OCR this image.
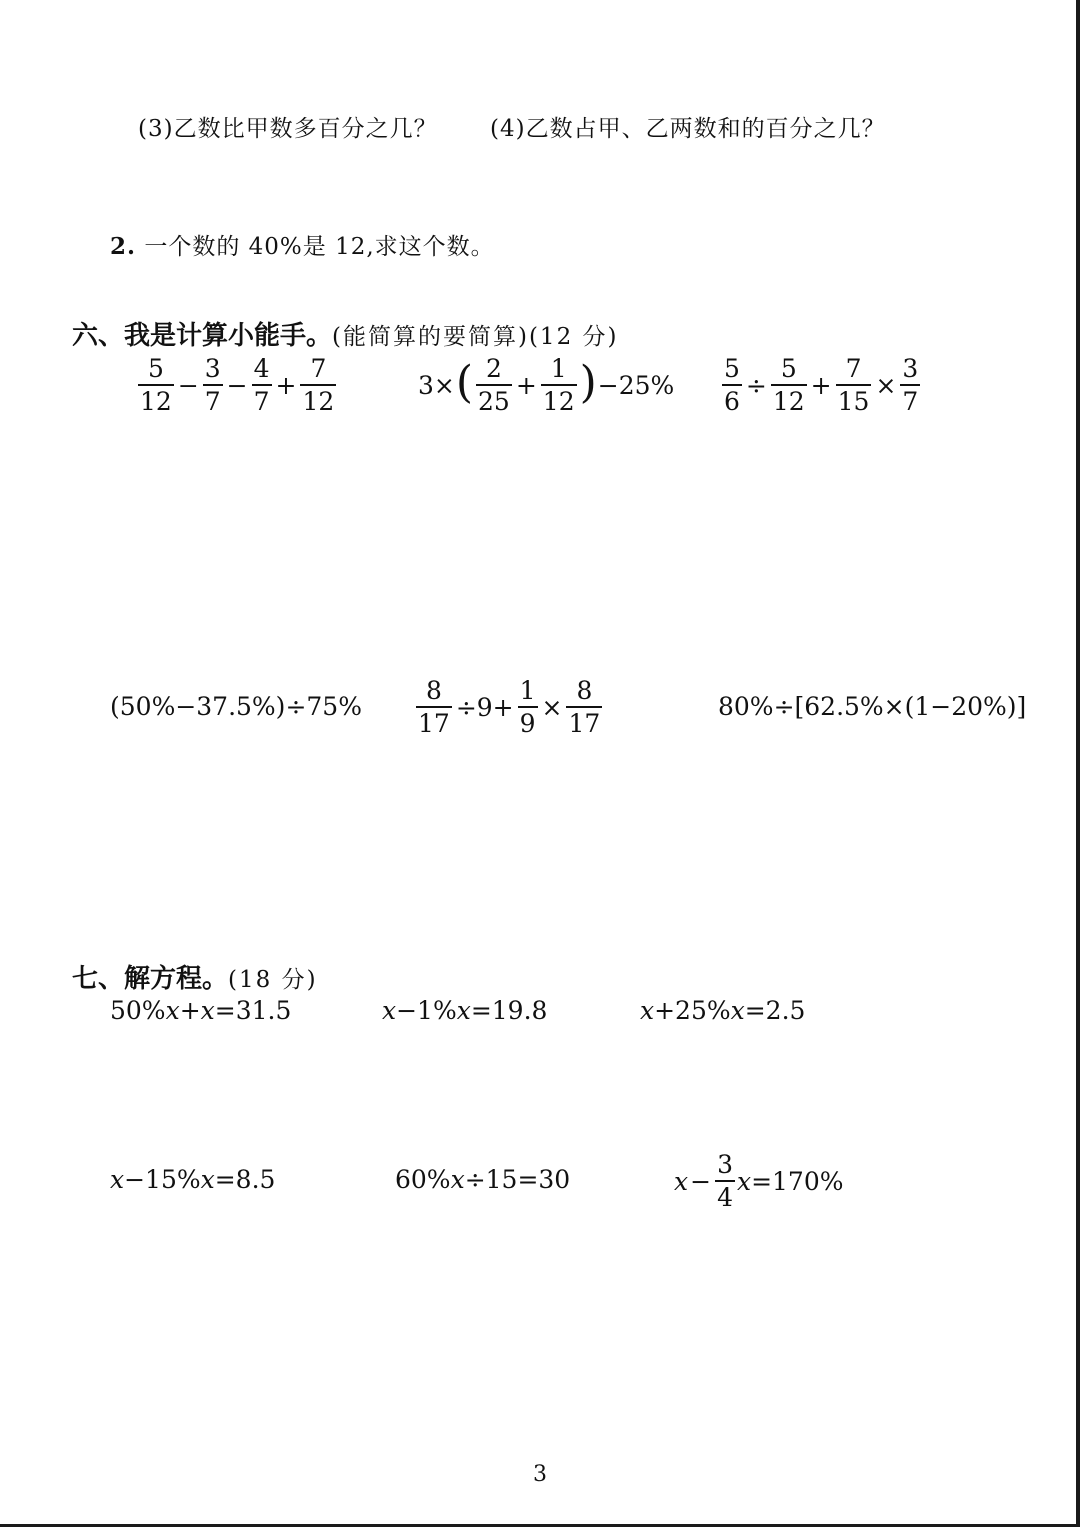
(3)乙数比甲数多百分之几？ (4)乙数占甲、乙两数和的百分之几？
2. 一个数的 40%是 12,求这个数。
六、我是计算小能手。(能简算的要简算)(12 分)
$\frac{5}{12} - \frac{3}{7} - \frac{4}{7} + \frac{7}{12}$	3× ( $\frac{2}{25} + \frac{1}{12}$ ) $-25\% \frac{5}{6} \div \frac{5}{12} + \frac{7}{15} \times \frac{3}{7}$
$(50\%-37.5\%)\div 75\% \frac{8}{17} \div 9+ \frac{1}{9} \times \frac{8}{17}$	80%÷[62.5%×(1−20%)]
七、解方程。(18 分)
50% x + x =31.5	x −1% x =19.8	x +25% x =2.5
x −15% x =8.5	60% x ÷15=30	$x - \frac{3}{4}$ x =170%
3
